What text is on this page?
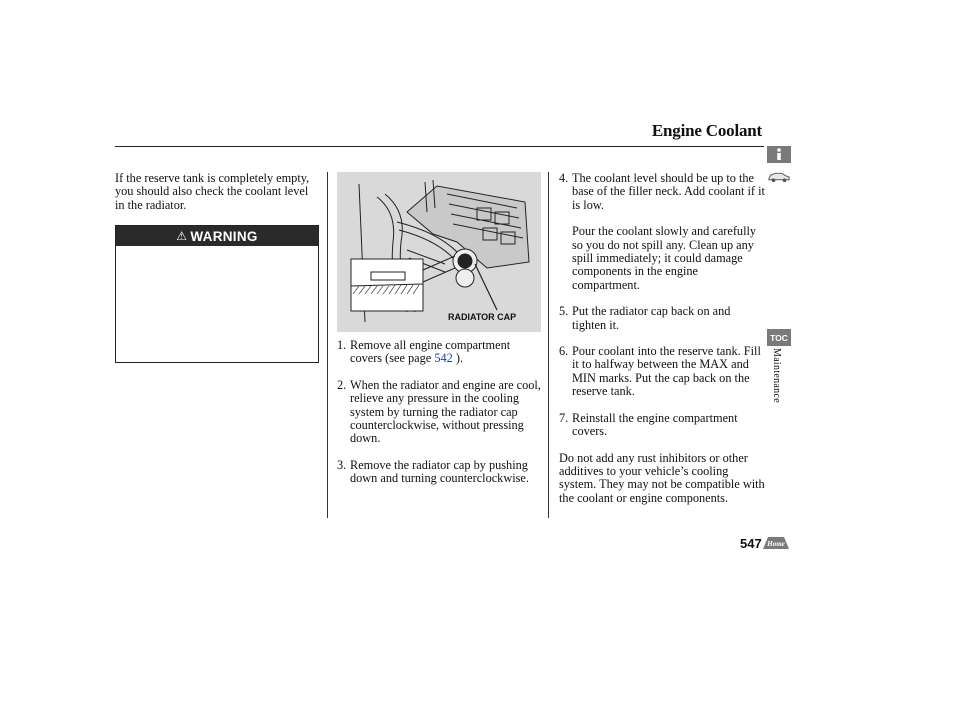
Engine Coolant
If the reserve tank is completely empty, you should also check the coolant level in the radiator.
⚠ WARNING
RADIATOR CAP
1. Remove all engine compartment covers (see page 542 ).
2. When the radiator and engine are cool, relieve any pressure in the cooling system by turning the radiator cap counterclockwise, without pressing down.
3. Remove the radiator cap by pushing down and turning counterclockwise.
4. The coolant level should be up to the base of the filler neck. Add coolant if it is low.

Pour the coolant slowly and carefully so you do not spill any. Clean up any spill immediately; it could damage components in the engine compartment.

5. Put the radiator cap back on and tighten it.
6. Pour coolant into the reserve tank. Fill it to halfway between the MAX and MIN marks. Put the cap back on the reserve tank.
7. Reinstall the engine compartment covers.

Do not add any rust inhibitors or other additives to your vehicle’s cooling system. They may not be compatible with the coolant or engine components.

TOC
Maintenance
547 Home
